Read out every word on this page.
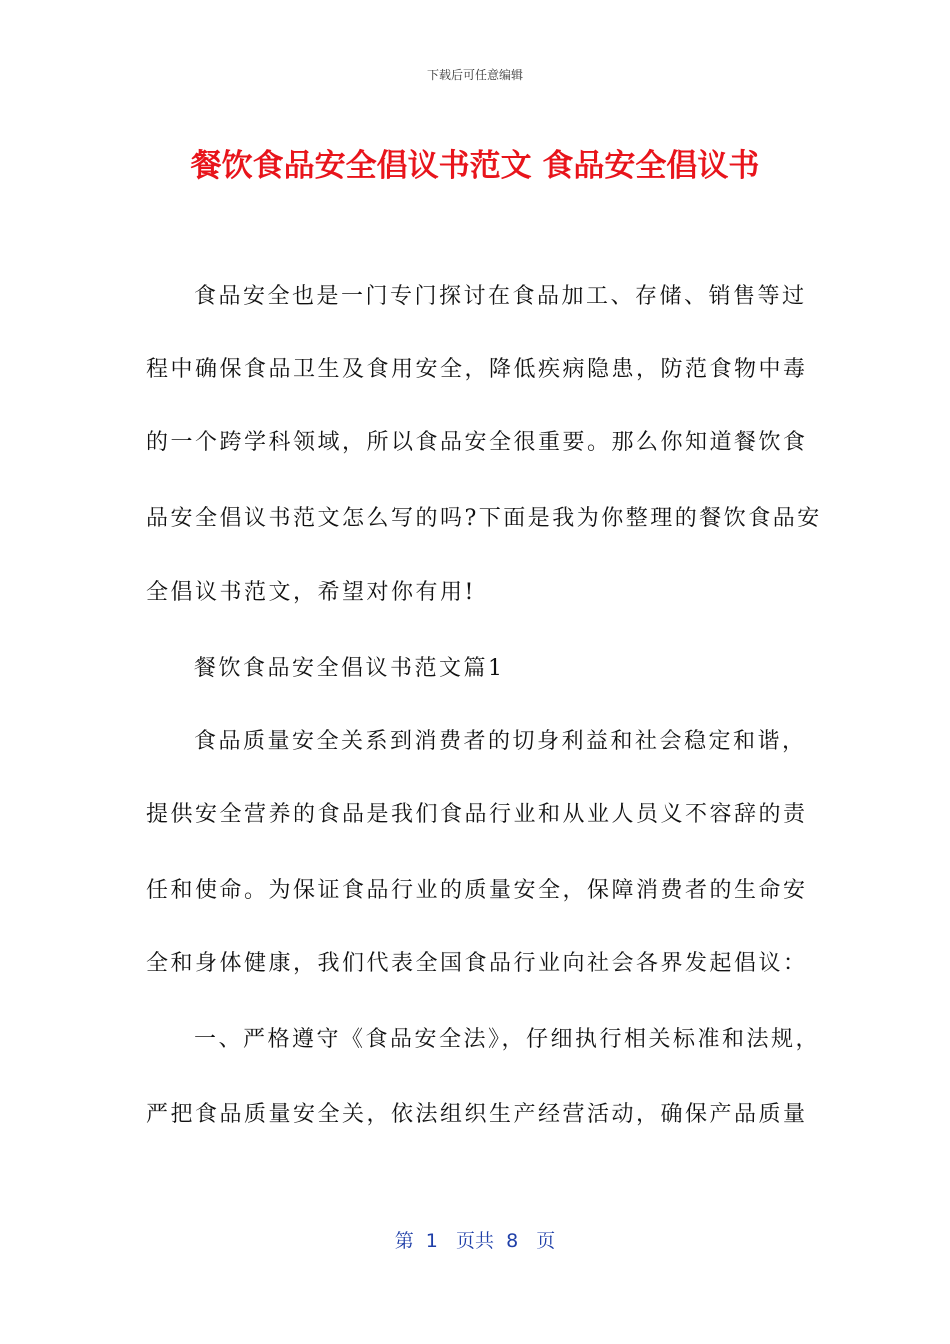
下载后可任意编辑
餐饮食品安全倡议书范文 食品安全倡议书
食品安全也是一门专门探讨在食品加工、存储、销售等过
程中确保食品卫生及食用安全，降低疾病隐患，防范食物中毒
的一个跨学科领域，所以食品安全很重要。那么你知道餐饮食
品安全倡议书范文怎么写的吗?下面是我为你整理的餐饮食品安
全倡议书范文，希望对你有用!
餐饮食品安全倡议书范文篇1
食品质量安全关系到消费者的切身利益和社会稳定和谐，
提供安全营养的食品是我们食品行业和从业人员义不容辞的责
任和使命。为保证食品行业的质量安全，保障消费者的生命安
全和身体健康，我们代表全国食品行业向社会各界发起倡议：
一、严格遵守《食品安全法》，仔细执行相关标准和法规，
严把食品质量安全关，依法组织生产经营活动，确保产品质量
第  1   页共  8   页
